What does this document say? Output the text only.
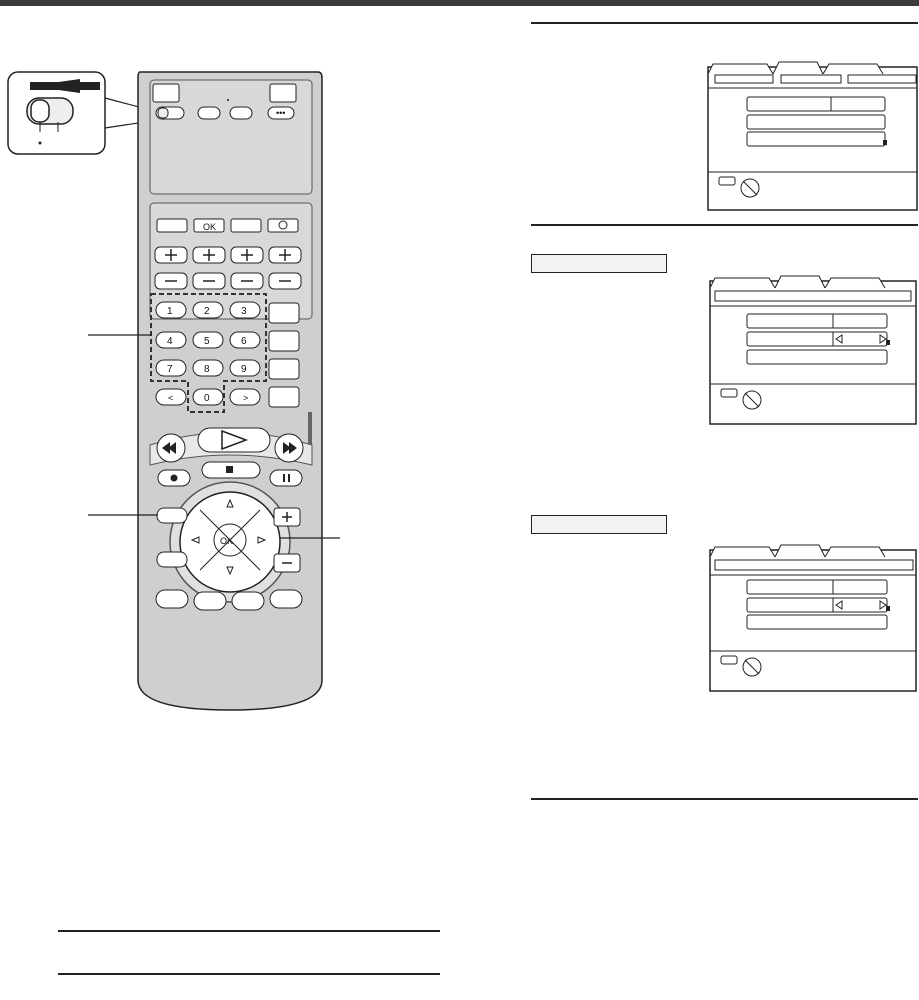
•••
OK
1	2	3
4	5	6
7	8	9
0
<	>
OK
